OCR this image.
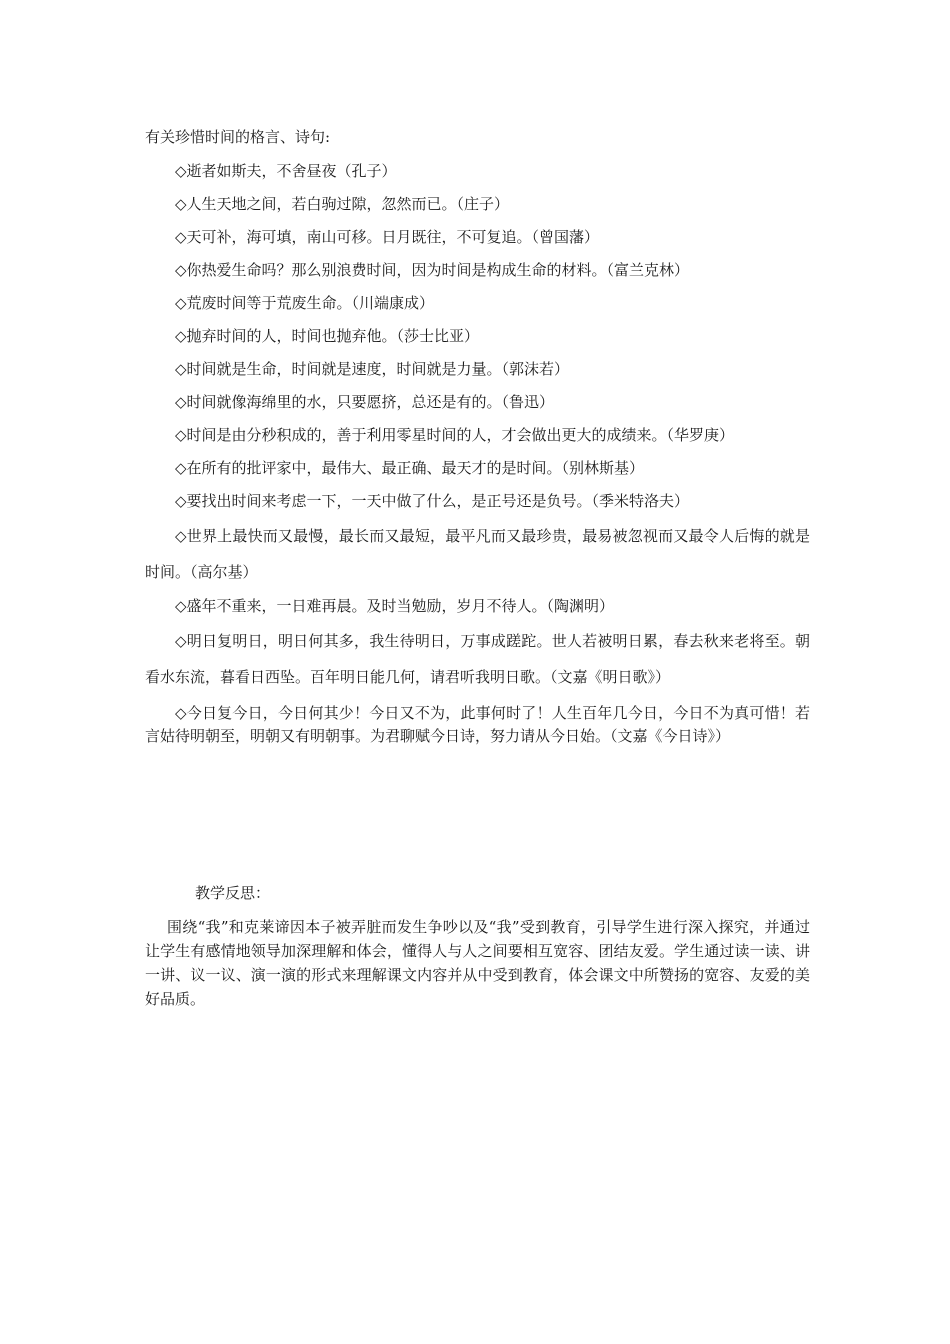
有关珍惜时间的格言、诗句:

◇逝者如斯夫，不舍昼夜（孔子）

◇人生天地之间，若白驹过隙，忽然而已。（庄子）

◇天可补，海可填，南山可移。日月既往，不可复追。（曾国藩）

◇你热爱生命吗？那么别浪费时间，因为时间是构成生命的材料。（富兰克林）

◇荒废时间等于荒废生命。（川端康成）

◇抛弃时间的人，时间也抛弃他。（莎士比亚）

◇时间就是生命，时间就是速度，时间就是力量。（郭沫若）

◇时间就像海绵里的水，只要愿挤，总还是有的。（鲁迅）

◇时间是由分秒积成的，善于利用零星时间的人，才会做出更大的成绩来。（华罗庚）

◇在所有的批评家中，最伟大、最正确、最天才的是时间。（别林斯基）

◇要找出时间来考虑一下，一天中做了什么，是正号还是负号。（季米特洛夫）

◇世界上最快而又最慢，最长而又最短，最平凡而又最珍贵，最易被忽视而又最令人后悔的就是时间。（高尔基）

◇盛年不重来，一日难再晨。及时当勉励，岁月不待人。（陶渊明）

◇明日复明日，明日何其多，我生待明日，万事成蹉跎。世人若被明日累，春去秋来老将至。朝看水东流，暮看日西坠。百年明日能几何，请君听我明日歌。（文嘉《明日歌》）

◇今日复今日，今日何其少！今日又不为，此事何时了！人生百年几今日，今日不为真可惜！若言姑待明朝至，明朝又有明朝事。为君聊赋今日诗，努力请从今日始。（文嘉《今日诗》）

教学反思：

围绕“我”和克莱谛因本子被弄脏而发生争吵以及“我”受到教育，引导学生进行深入探究，并通过让学生有感情地领导加深理解和体会，懂得人与人之间要相互宽容、团结友爱。学生通过读一读、讲一讲、议一议、演一演的形式来理解课文内容并从中受到教育，体会课文中所赞扬的宽容、友爱的美好品质。
